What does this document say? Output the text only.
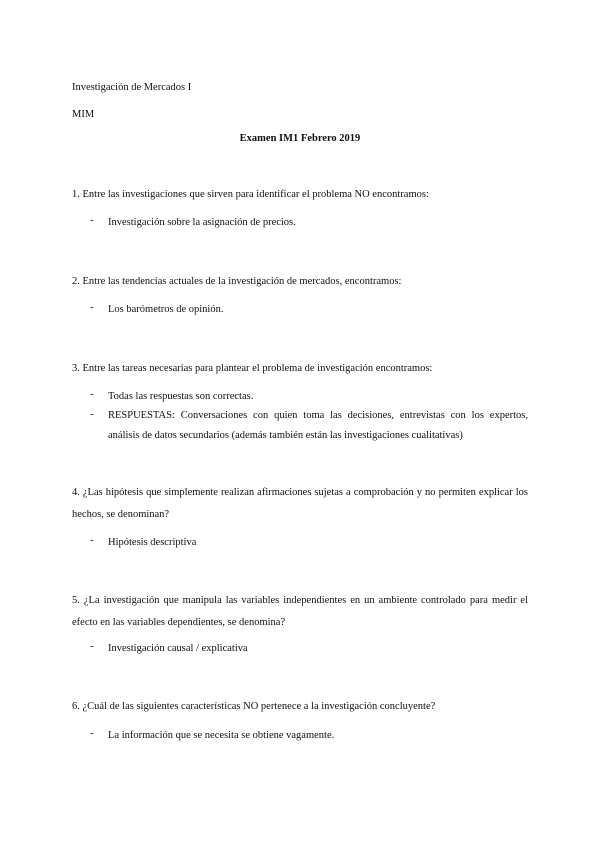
Investigación de Mercados I
MIM
Examen IM1 Febrero 2019
1. Entre las investigaciones que sirven para identificar el problema NO encontramos:
- Investigación sobre la asignación de precios.
2. Entre las tendencias actuales de la investigación de mercados, encontramos:
- Los barómetros de opinión.
3. Entre las tareas necesarias para plantear el problema de investigación encontramos:
- Todas las respuestas son correctas.
- RESPUESTAS: Conversaciones con quien toma las decisiones, entrevistas con los expertos, análisis de datos secundarios (además también están las investigaciones cualitativas)
4. ¿Las hipótesis que simplemente realizan afirmaciones sujetas a comprobación y no permiten explicar los hechos, se denominan?
- Hipótesis descriptiva
5. ¿La investigación que manipula las variables independientes en un ambiente controlado para medir el efecto en las variables dependientes, se denomina?
- Investigación causal / explicativa
6. ¿Cuál de las siguientes características NO pertenece a la investigación concluyente?
- La información que se necesita se obtiene vagamente.
